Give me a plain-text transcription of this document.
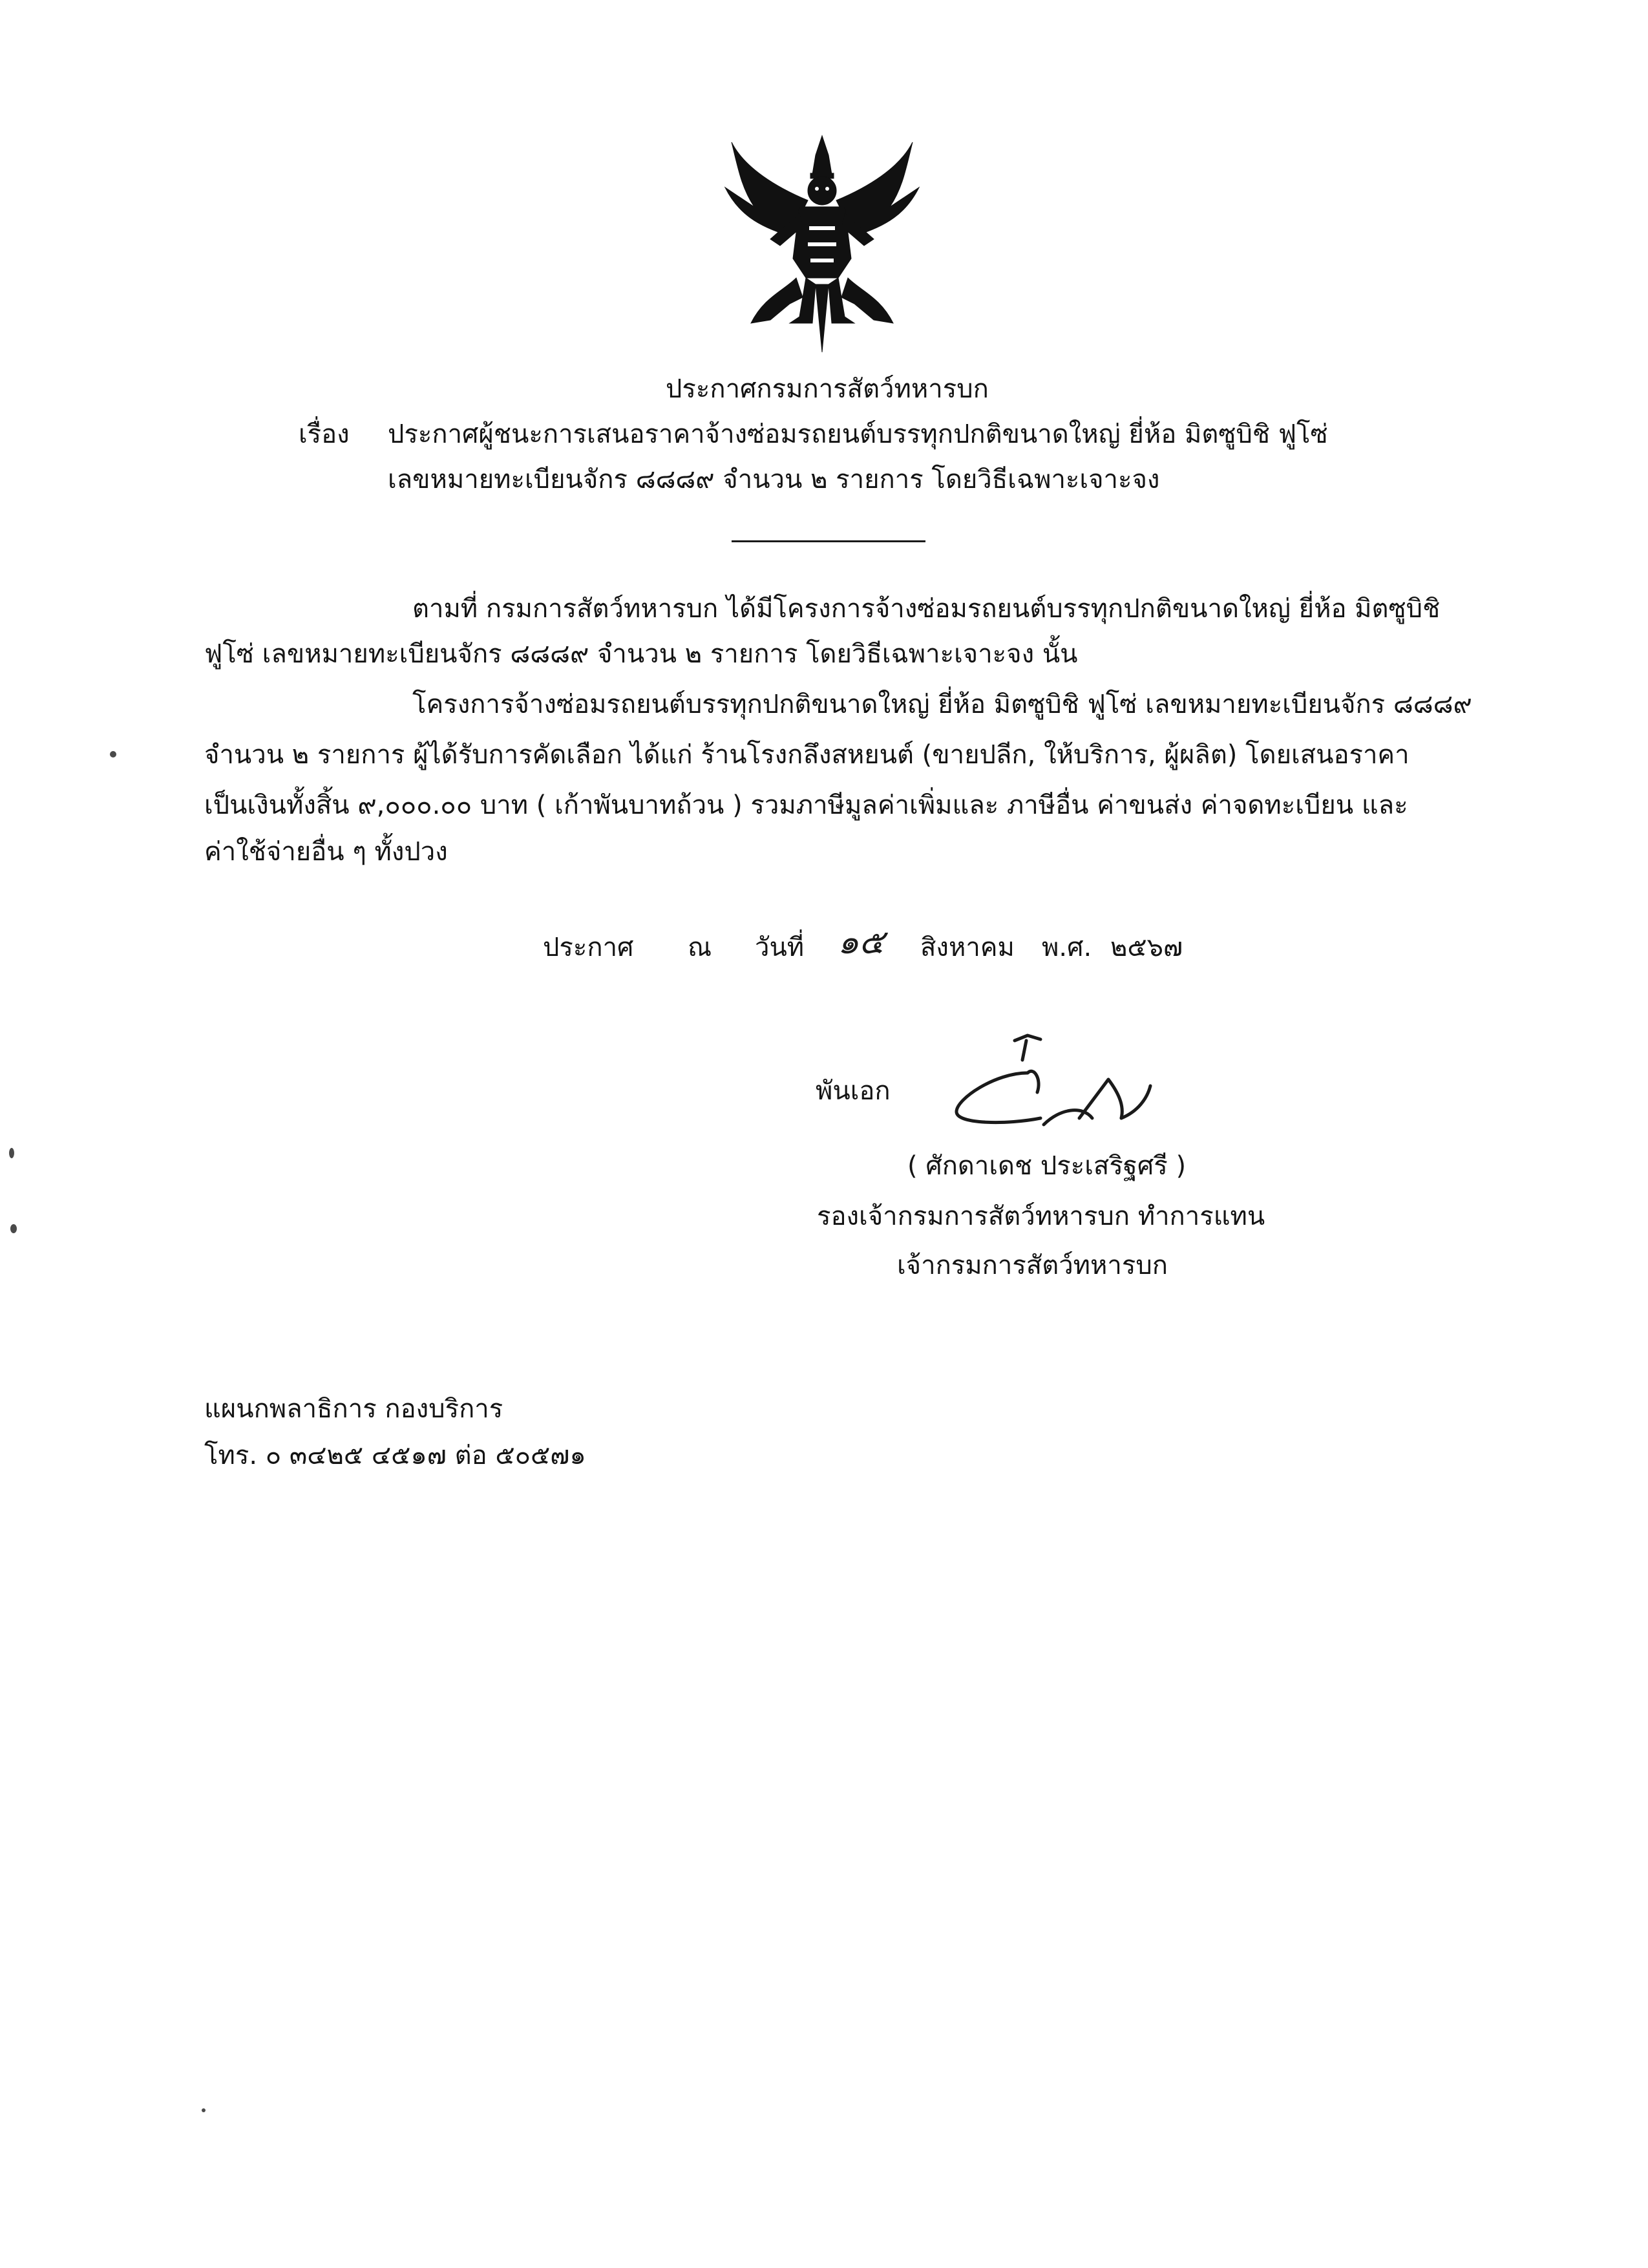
ประกาศกรมการสัตว์ทหารบก

เรื่อง ประกาศผู้ชนะการเสนอราคาจ้างซ่อมรถยนต์บรรทุกปกติขนาดใหญ่ ยี่ห้อ มิตซูบิชิ ฟูโซ่

เลขหมายทะเบียนจักร ๘๘๘๙ จำนวน ๒ รายการ โดยวิธีเฉพาะเจาะจง

ตามที่ กรมการสัตว์ทหารบก ได้มีโครงการจ้างซ่อมรถยนต์บรรทุกปกติขนาดใหญ่ ยี่ห้อ มิตซูบิชิ

ฟูโซ่ เลขหมายทะเบียนจักร ๘๘๘๙ จำนวน ๒ รายการ โดยวิธีเฉพาะเจาะจง นั้น

โครงการจ้างซ่อมรถยนต์บรรทุกปกติขนาดใหญ่ ยี่ห้อ มิตซูบิชิ ฟูโซ่ เลขหมายทะเบียนจักร ๘๘๘๙

จำนวน ๒ รายการ ผู้ได้รับการคัดเลือก ได้แก่ ร้านโรงกลึงสหยนต์ (ขายปลีก, ให้บริการ, ผู้ผลิต) โดยเสนอราคา

เป็นเงินทั้งสิ้น ๙,๐๐๐.๐๐ บาท ( เก้าพันบาทถ้วน ) รวมภาษีมูลค่าเพิ่มและ ภาษีอื่น ค่าขนส่ง ค่าจดทะเบียน และ

ค่าใช้จ่ายอื่น ๆ ทั้งปวง

ประกาศ ณ วันที่ ๑๕ สิงหาคม พ.ศ. ๒๕๖๗

พันเอก

( ศักดาเดช ประเสริฐศรี )

รองเจ้ากรมการสัตว์ทหารบก ทำการแทน

เจ้ากรมการสัตว์ทหารบก

แผนกพลาธิการ กองบริการ

โทร. ๐ ๓๔๒๕ ๔๕๑๗ ต่อ ๕๐๕๗๑
